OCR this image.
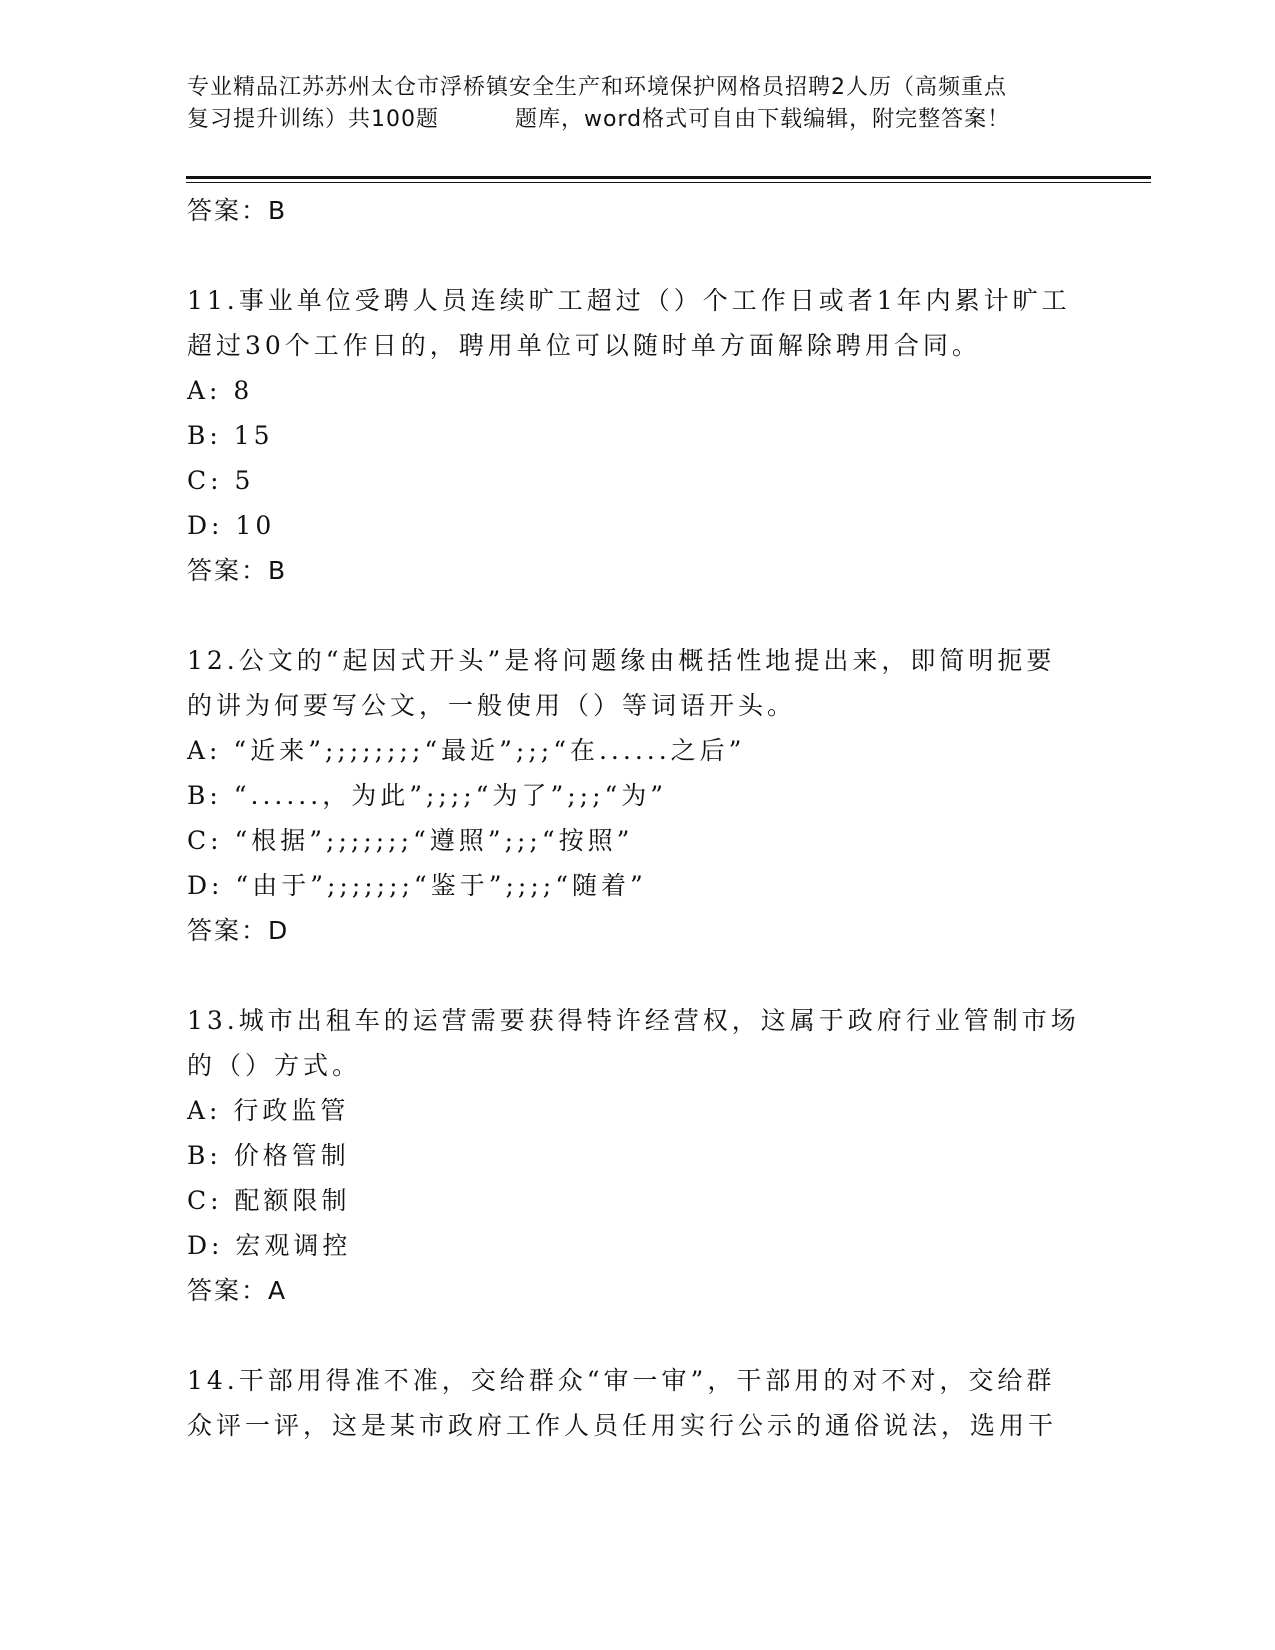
专业精品江苏苏州太仓市浮桥镇安全生产和环境保护网格员招聘2人历（高频重点
复习提升训练）共100题	题库，word格式可自由下载编辑，附完整答案！
答案：B
11.事业单位受聘人员连续旷工超过（）个工作日或者1年内累计旷工
超过30个工作日的，聘用单位可以随时单方面解除聘用合同。
A: 8
B: 15
C: 5
D: 10
答案：B
12.公文的“起因式开头”是将问题缘由概括性地提出来，即简明扼要
的讲为何要写公文，一般使用（）等词语开头。
A: “近来”;;;;;;;;“最近”;;;“在......之后”
B: “......，为此”;;;;“为了”;;;“为”
C: “根据”;;;;;;;“遵照”;;;“按照”
D: “由于”;;;;;;;“鉴于”;;;;“随着”
答案：D
13.城市出租车的运营需要获得特许经营权，这属于政府行业管制市场
的（）方式。
A: 行政监管
B: 价格管制
C: 配额限制
D: 宏观调控
答案：A
14.干部用得准不准，交给群众“审一审”，干部用的对不对，交给群
众评一评，这是某市政府工作人员任用实行公示的通俗说法，选用干
